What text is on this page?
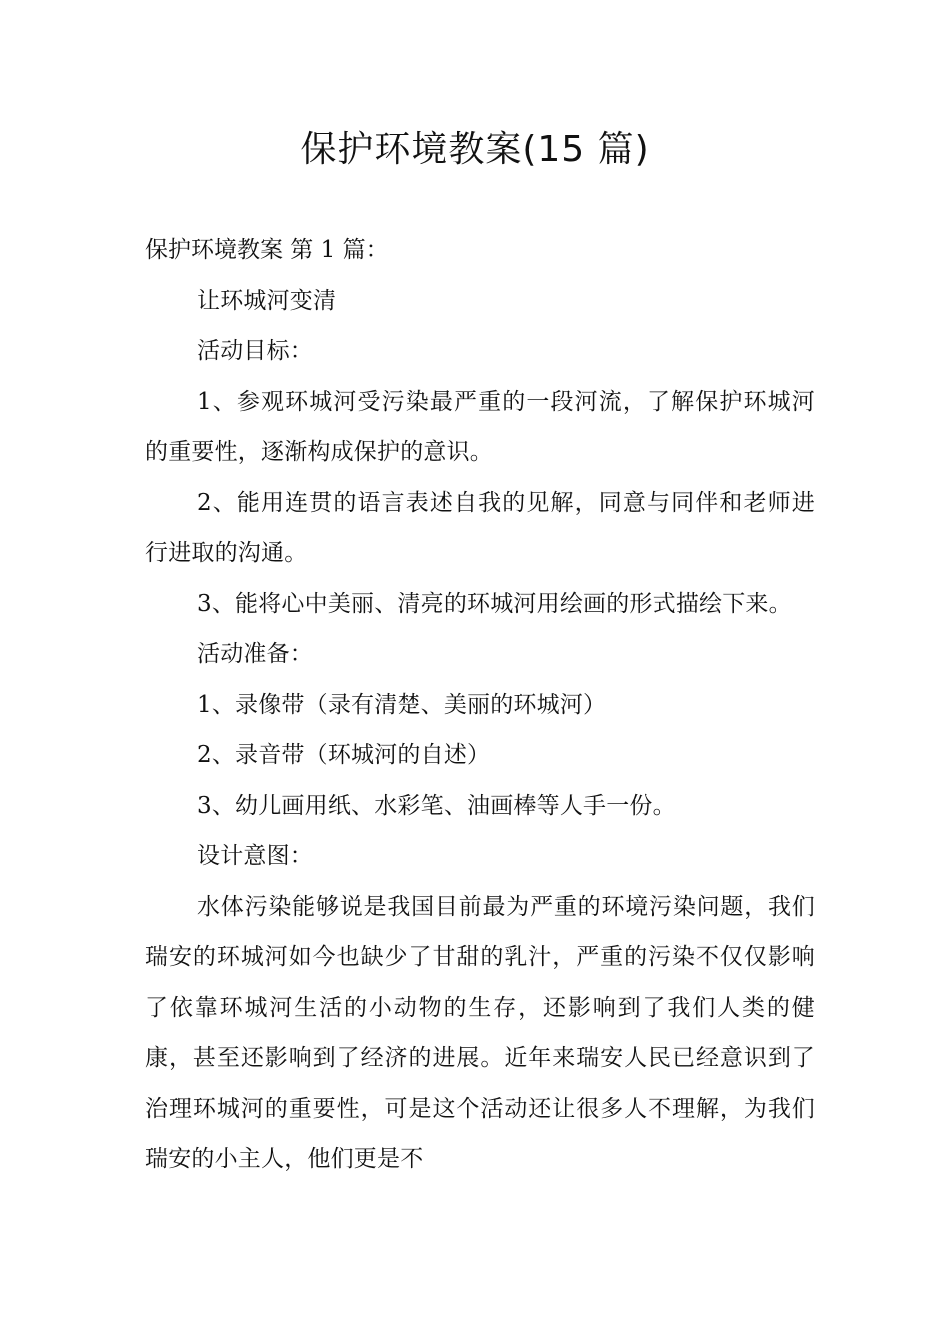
保护环境教案(15 篇)

保护环境教案 第 1 篇：

让环城河变清

活动目标：

1、参观环城河受污染最严重的一段河流，了解保护环城河的重要性，逐渐构成保护的意识。

2、能用连贯的语言表述自我的见解，同意与同伴和老师进行进取的沟通。

3、能将心中美丽、清亮的环城河用绘画的形式描绘下来。

活动准备：

1、录像带（录有清楚、美丽的环城河）

2、录音带（环城河的自述）

3、幼儿画用纸、水彩笔、油画棒等人手一份。

设计意图：

水体污染能够说是我国目前最为严重的环境污染问题，我们瑞安的环城河如今也缺少了甘甜的乳汁，严重的污染不仅仅影响了依靠环城河生活的小动物的生存，还影响到了我们人类的健康，甚至还影响到了经济的进展。近年来瑞安人民已经意识到了治理环城河的重要性，可是这个活动还让很多人不理解，为我们瑞安的小主人，他们更是不
